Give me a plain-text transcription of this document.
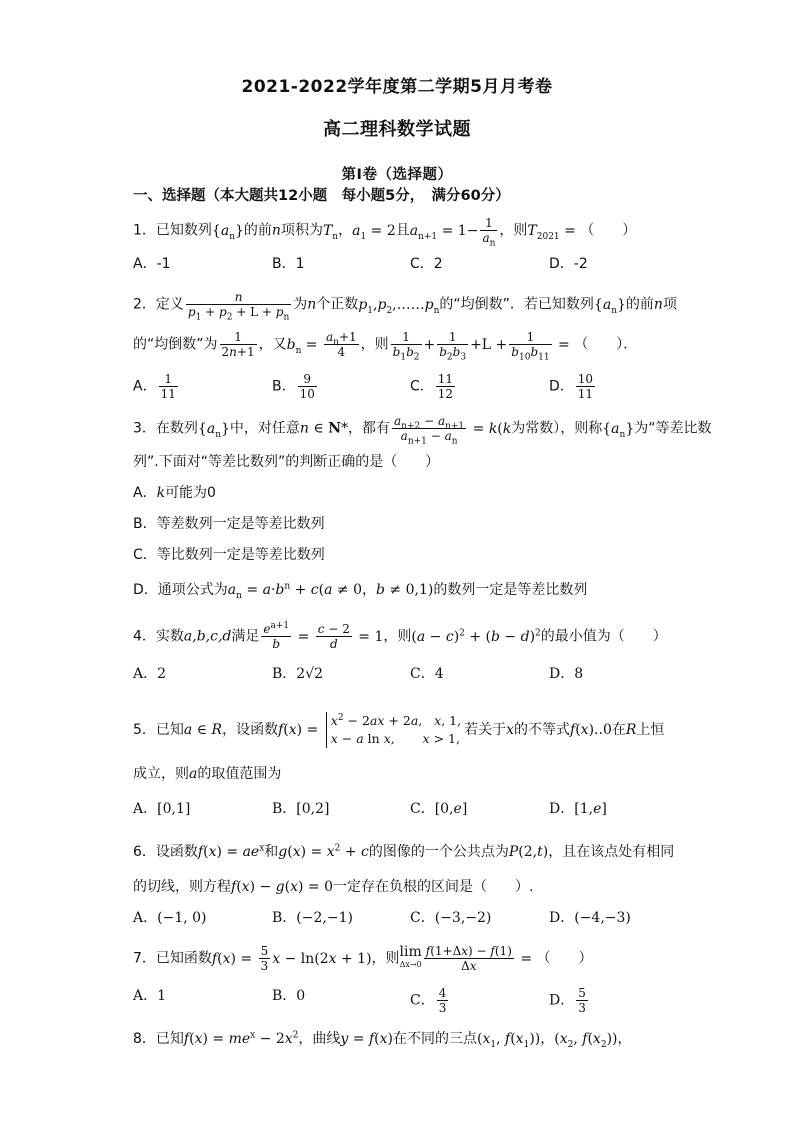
2021-2022学年度第二学期5月月考卷
高二理科数学试题
第Ⅰ卷（选择题）
一、选择题（本大题共12小题　每小题5分，　满分60分）
1．已知数列$\{a_n\}$的前n项积为$T_n$，$a_1 = 2$且$a_{n+1} = 1- \frac{1}{a_n}$ ，则$T_{2021}$ = （　　）
A．-1	B．1	C．2	D．-2
2．定义 $\frac{n}{p_1 + p_2 + L + p_n}$ 为n个正数$p_1,p_2,\dots\dots p_n$的“均倒数”．若已知数列$\{a_n\}$的前n项
的“均倒数”为 $\frac{1}{2n+1}$ ，又$b_n = \frac{a_n+1}{4}$ ，则 $\frac{1}{b_1b_2} + \frac{1}{b_2b_3} +L + \frac{1}{b_{10}b_{11}}$ = （　　）．
A． $\frac{1}{11}$	B． $\frac{9}{10}$	C． $\frac{11}{12}$	D． $\frac{10}{11}$
3．在数列$\{a_n\}$中，对任意n ∈ N*，都有 $\frac{a_{n+2} - a_{n+1}}{a_{n+1} - a_n} = k(k$为常数），则称$\{a_n\}$为“等差比数
列”.下面对“等差比数列”的判断正确的是（　　）
A．k可能为0
B．等差数列一定是等差比数列
C．等比数列一定是等差比数列
D．通项公式为$a_n = a\cdot b^n + c(a \ne 0$，b ≠ 0,1)的数列一定是等差比数列
4．实数a,b,c,d满足 $\frac{e^{a+1}}{b} = \frac{c - 2}{d} = 1$，则$(a - c)^2 + (b - d)^2$的最小值为（　　）
A．2	B．2√2	C．4	D．8
5．已知a ∈ R，设函数f(x) =
$x^2 - 2ax + 2a$,   x, 1,
x − a ln x,       x > 1,
若关于x的不等式f(x)..0在R上恒
成立，则a的取值范围为
A．[0,1]	B．[0,2]	C．[0,e]	D．[1,e]
6．设函数$f(x) = ae^x$和$g(x) = x^2 + c$的图像的一个公共点为P(2,t)，且在该点处有相同
的切线，则方程f(x) − g(x) = 0一定存在负根的区间是（　　）.
A．(−1, 0)	B．(−2,−1)	C．(−3,−2)	D．(−4,−3)
7．已知函数$f(x) = \frac{5}{3}$ x − ln(2x + 1)，则lim
$\Delta x\to 0 \frac{f(1+\Delta x) - f(1)}{\Delta x}$ = （　　）
A．1	B．0	C． $\frac{4}{3}$	D． $\frac{5}{3}$
8．已知$f(x) = me^x - 2x^2$，曲线y = f(x)在不同的三点($x_1$, $f(x_1)$)，($x_2$, $f(x_2)$)，
